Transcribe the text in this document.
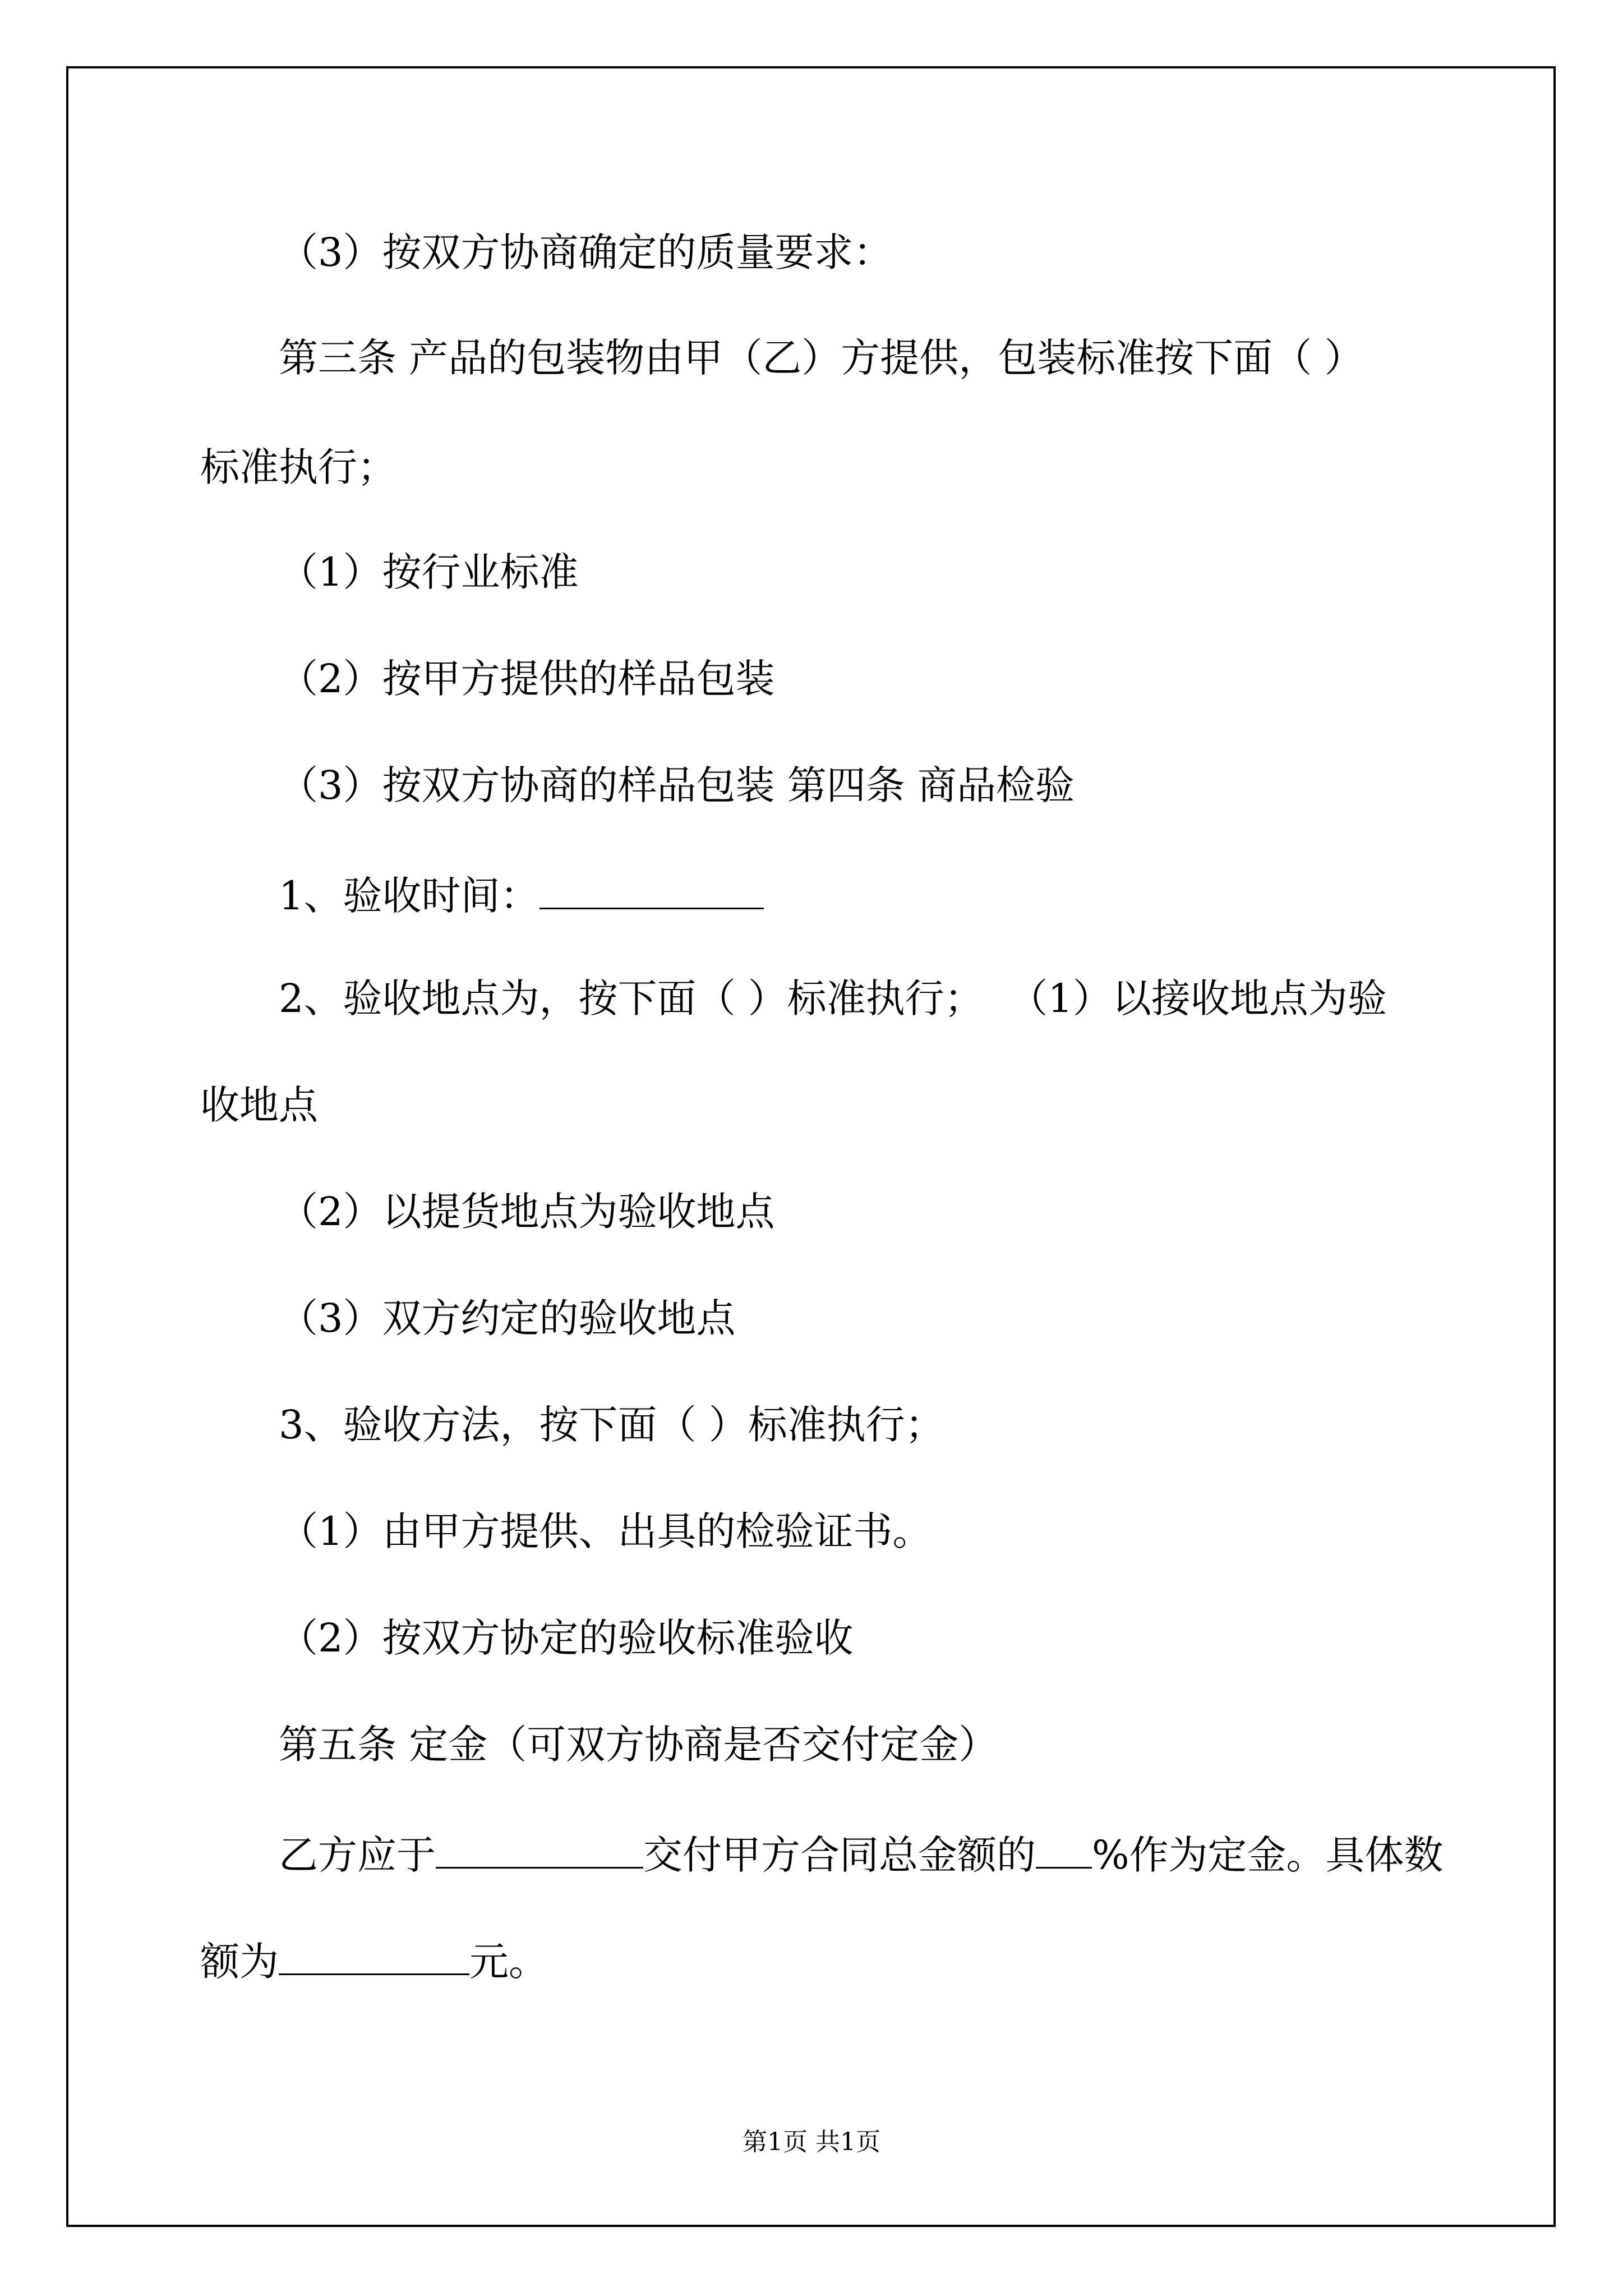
（3）按双方协商确定的质量要求：
第三条 产品的包装物由甲（乙）方提供，包装标准按下面（ ）
标准执行；
（1）按行业标准
（2）按甲方提供的样品包装
（3）按双方协商的样品包装 第四条 商品检验
1、验收时间：
2、验收地点为，按下面（ ）标准执行；  （1）以接收地点为验
收地点
（2）以提货地点为验收地点
（3）双方约定的验收地点
3、验收方法，按下面（ ）标准执行；
（1）由甲方提供、出具的检验证书。
（2）按双方协定的验收标准验收
第五条 定金（可双方协商是否交付定金）
乙方应于	交付甲方合同总金额的 %作为定金。具体数
额为	元。
第1页 共1页
